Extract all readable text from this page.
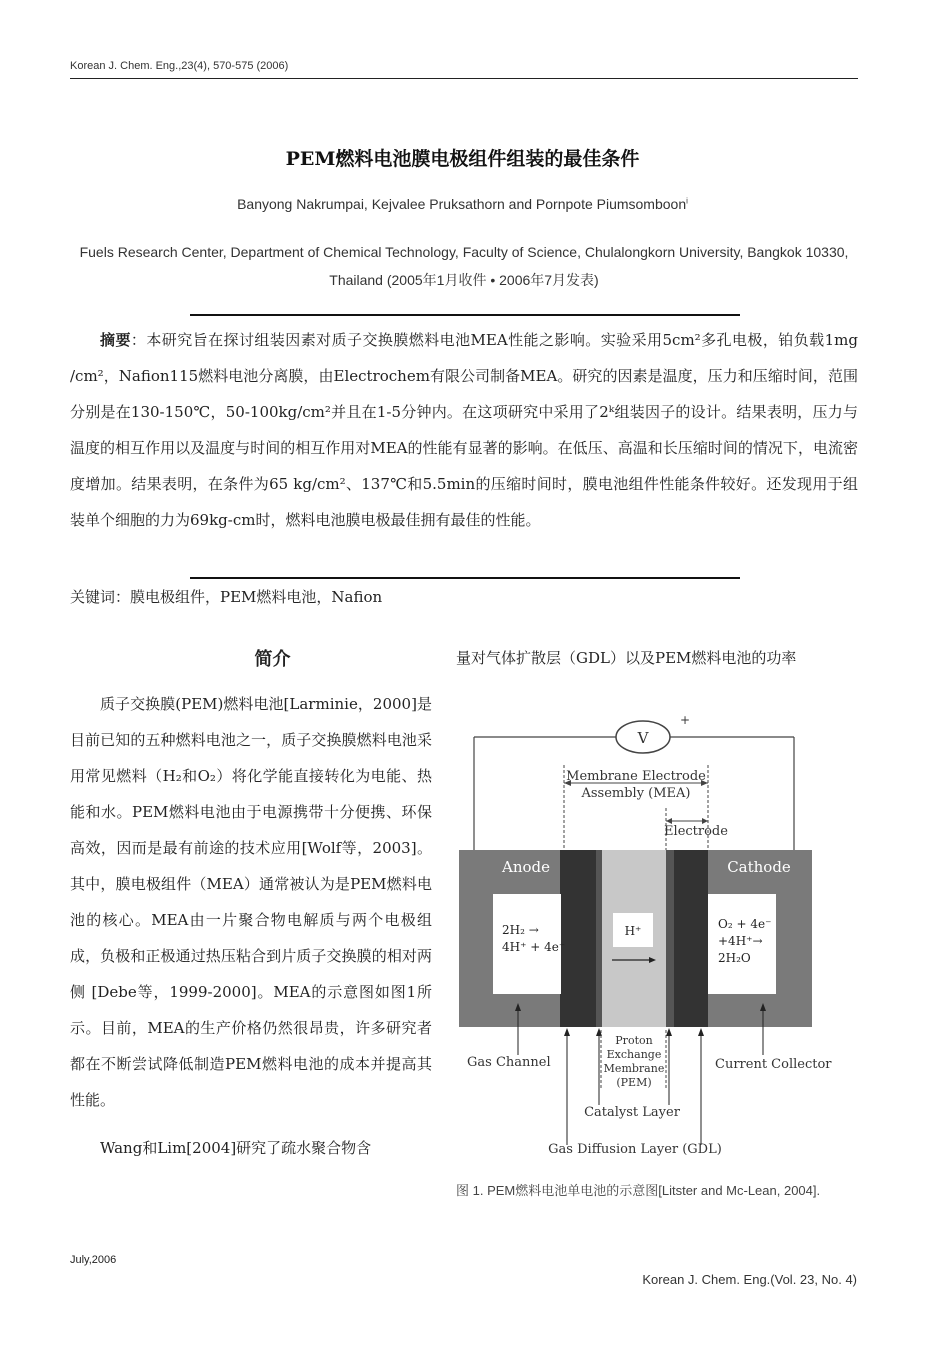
Korean J. Chem. Eng.,23(4), 570-575 (2006)
PEM燃料电池膜电极组件组装的最佳条件
Banyong Nakrumpai, Kejvalee Pruksathorn and Pornpote Piumsomboon$^i$
Fuels Research Center, Department of Chemical Technology, Faculty of Science, Chulalongkorn University, Bangkok 10330, Thailand (2005年1月收件 • 2006年7月发表)

摘要：本研究旨在探讨组装因素对质子交换膜燃料电池MEA性能之影响。实验采用5cm²多孔电极，铂负载1mg /cm²，Nafion115燃料电池分离膜，由Electrochem有限公司制备MEA。研究的因素是温度，压力和压缩时间，范围分别是在130-150℃，50-100kg/cm²并且在1-5分钟内。在这项研究中采用了2ᵏ组装因子的设计。结果表明，压力与温度的相互作用以及温度与时间的相互作用对MEA的性能有显著的影响。在低压、高温和长压缩时间的情况下，电流密度增加。结果表明，在条件为65 kg/cm²、137℃和5.5min的压缩时间时，膜电池组件性能条件较好。还发现用于组装单个细胞的力为69kg-cm时，燃料电池膜电极最佳拥有最佳的性能。

关键词：膜电极组件，PEM燃料电池，Nafion
简介

质子交换膜(PEM)燃料电池[Larminie，2000]是目前已知的五种燃料电池之一，质子交换膜燃料电池采用常见燃料（H₂和O₂）将化学能直接转化为电能、热能和水。PEM燃料电池由于电源携带十分便携、环保高效，因而是最有前途的技术应用[Wolf等，2003]。其中，膜电极组件（MEA）通常被认为是PEM燃料电池的核心。MEA由一片聚合物电解质与两个电极组成，负极和正极通过热压粘合到片质子交换膜的相对两侧 [Debe等，1999-2000]。MEA的示意图如图1所示。目前，MEA的生产价格仍然很昂贵，许多研究者都在不断尝试降低制造PEM燃料电池的成本并提高其性能。

Wang和Lim[2004]研究了疏水聚合物含

量对气体扩散层（GDL）以及PEM燃料电池的功率
V
+
Membrane Electrode
Assembly (MEA)
Electrode
Anode	Cathode
2H₂ →
4H⁺ + 4e⁻
H⁺	O₂ + 4e⁻
+4H⁺→
2H₂O
Proton
Exchange
Membrane
(PEM)
Gas Channel	Current Collector
Catalyst Layer
Gas Diffusion Layer (GDL)
图 1. PEM燃料电池单电池的示意图[Litster and Mc-Lean, 2004].
July,2006
Korean J. Chem. Eng.(Vol. 23, No. 4)
